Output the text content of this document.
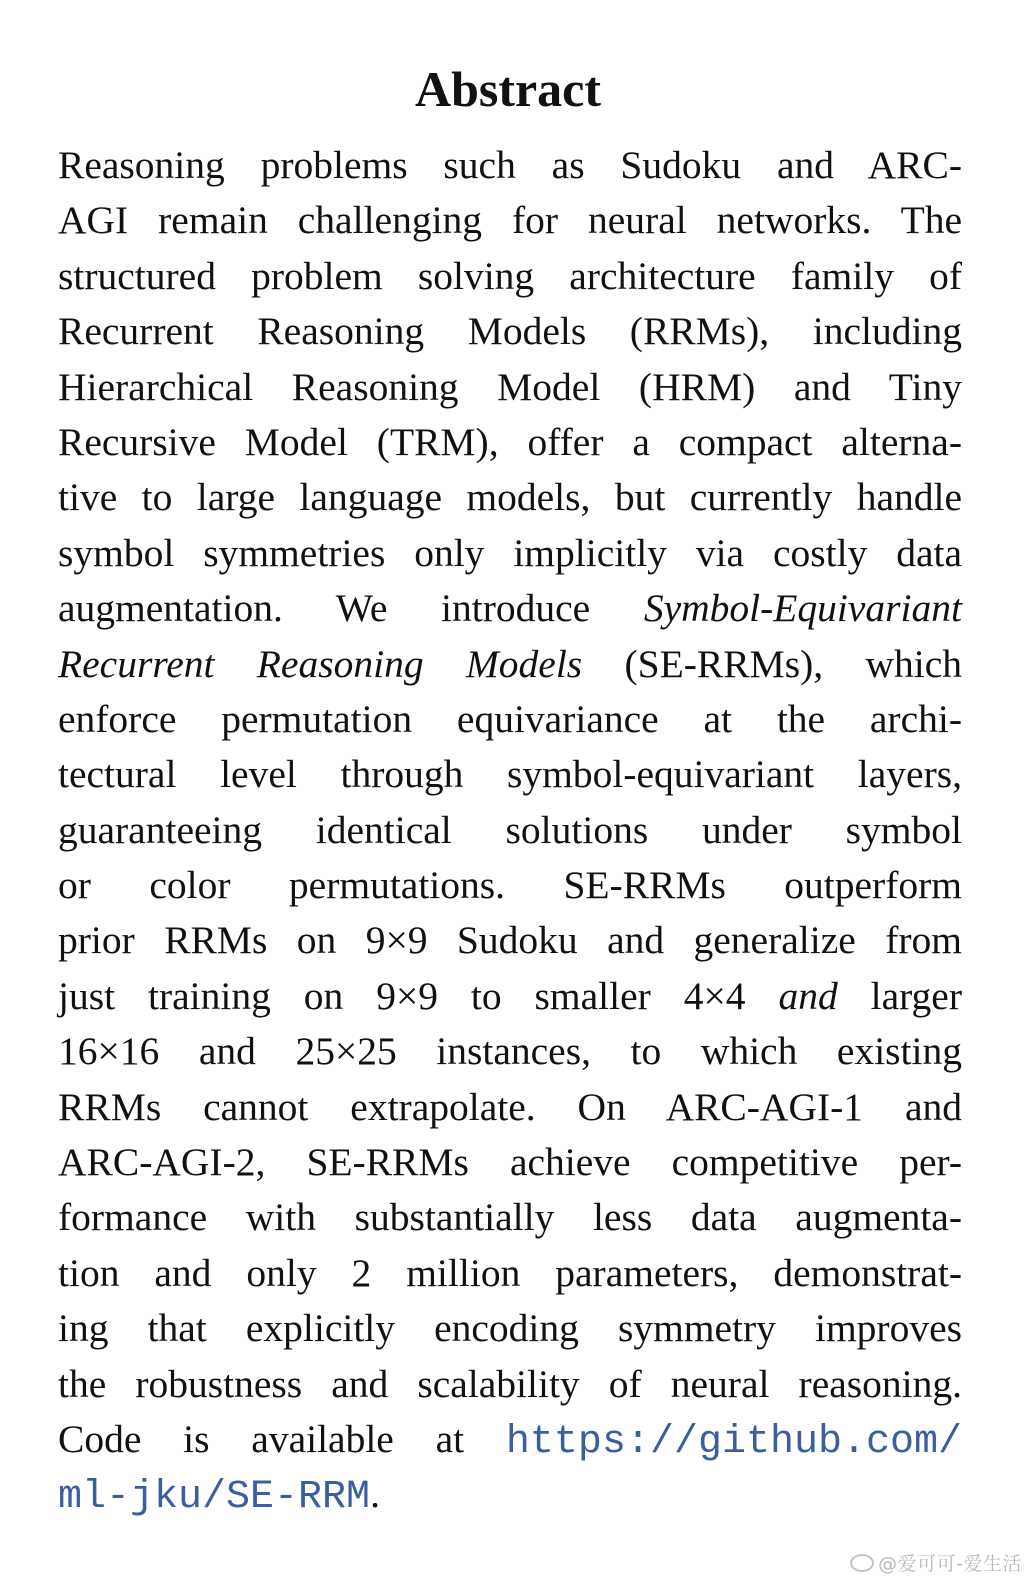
Abstract
Reasoning problems such as Sudoku and ARC-
AGI remain challenging for neural networks. The
structured problem solving architecture family of
Recurrent Reasoning Models (RRMs), including
Hierarchical Reasoning Model (HRM) and Tiny
Recursive Model (TRM), offer a compact alterna-
tive to large language models, but currently handle
symbol symmetries only implicitly via costly data
augmentation. We introduce Symbol-Equivariant
Recurrent Reasoning Models (SE-RRMs), which
enforce permutation equivariance at the archi-
tectural level through symbol-equivariant layers,
guaranteeing identical solutions under symbol
or color permutations. SE-RRMs outperform
prior RRMs on 9×9 Sudoku and generalize from
just training on 9×9 to smaller 4×4 and larger
16×16 and 25×25 instances, to which existing
RRMs cannot extrapolate. On ARC-AGI-1 and
ARC-AGI-2, SE-RRMs achieve competitive per-
formance with substantially less data augmenta-
tion and only 2 million parameters, demonstrat-
ing that explicitly encoding symmetry improves
the robustness and scalability of neural reasoning.
Code is available at https://github.com/
ml-jku/SE-RRM.
@爱可可-爱生活
